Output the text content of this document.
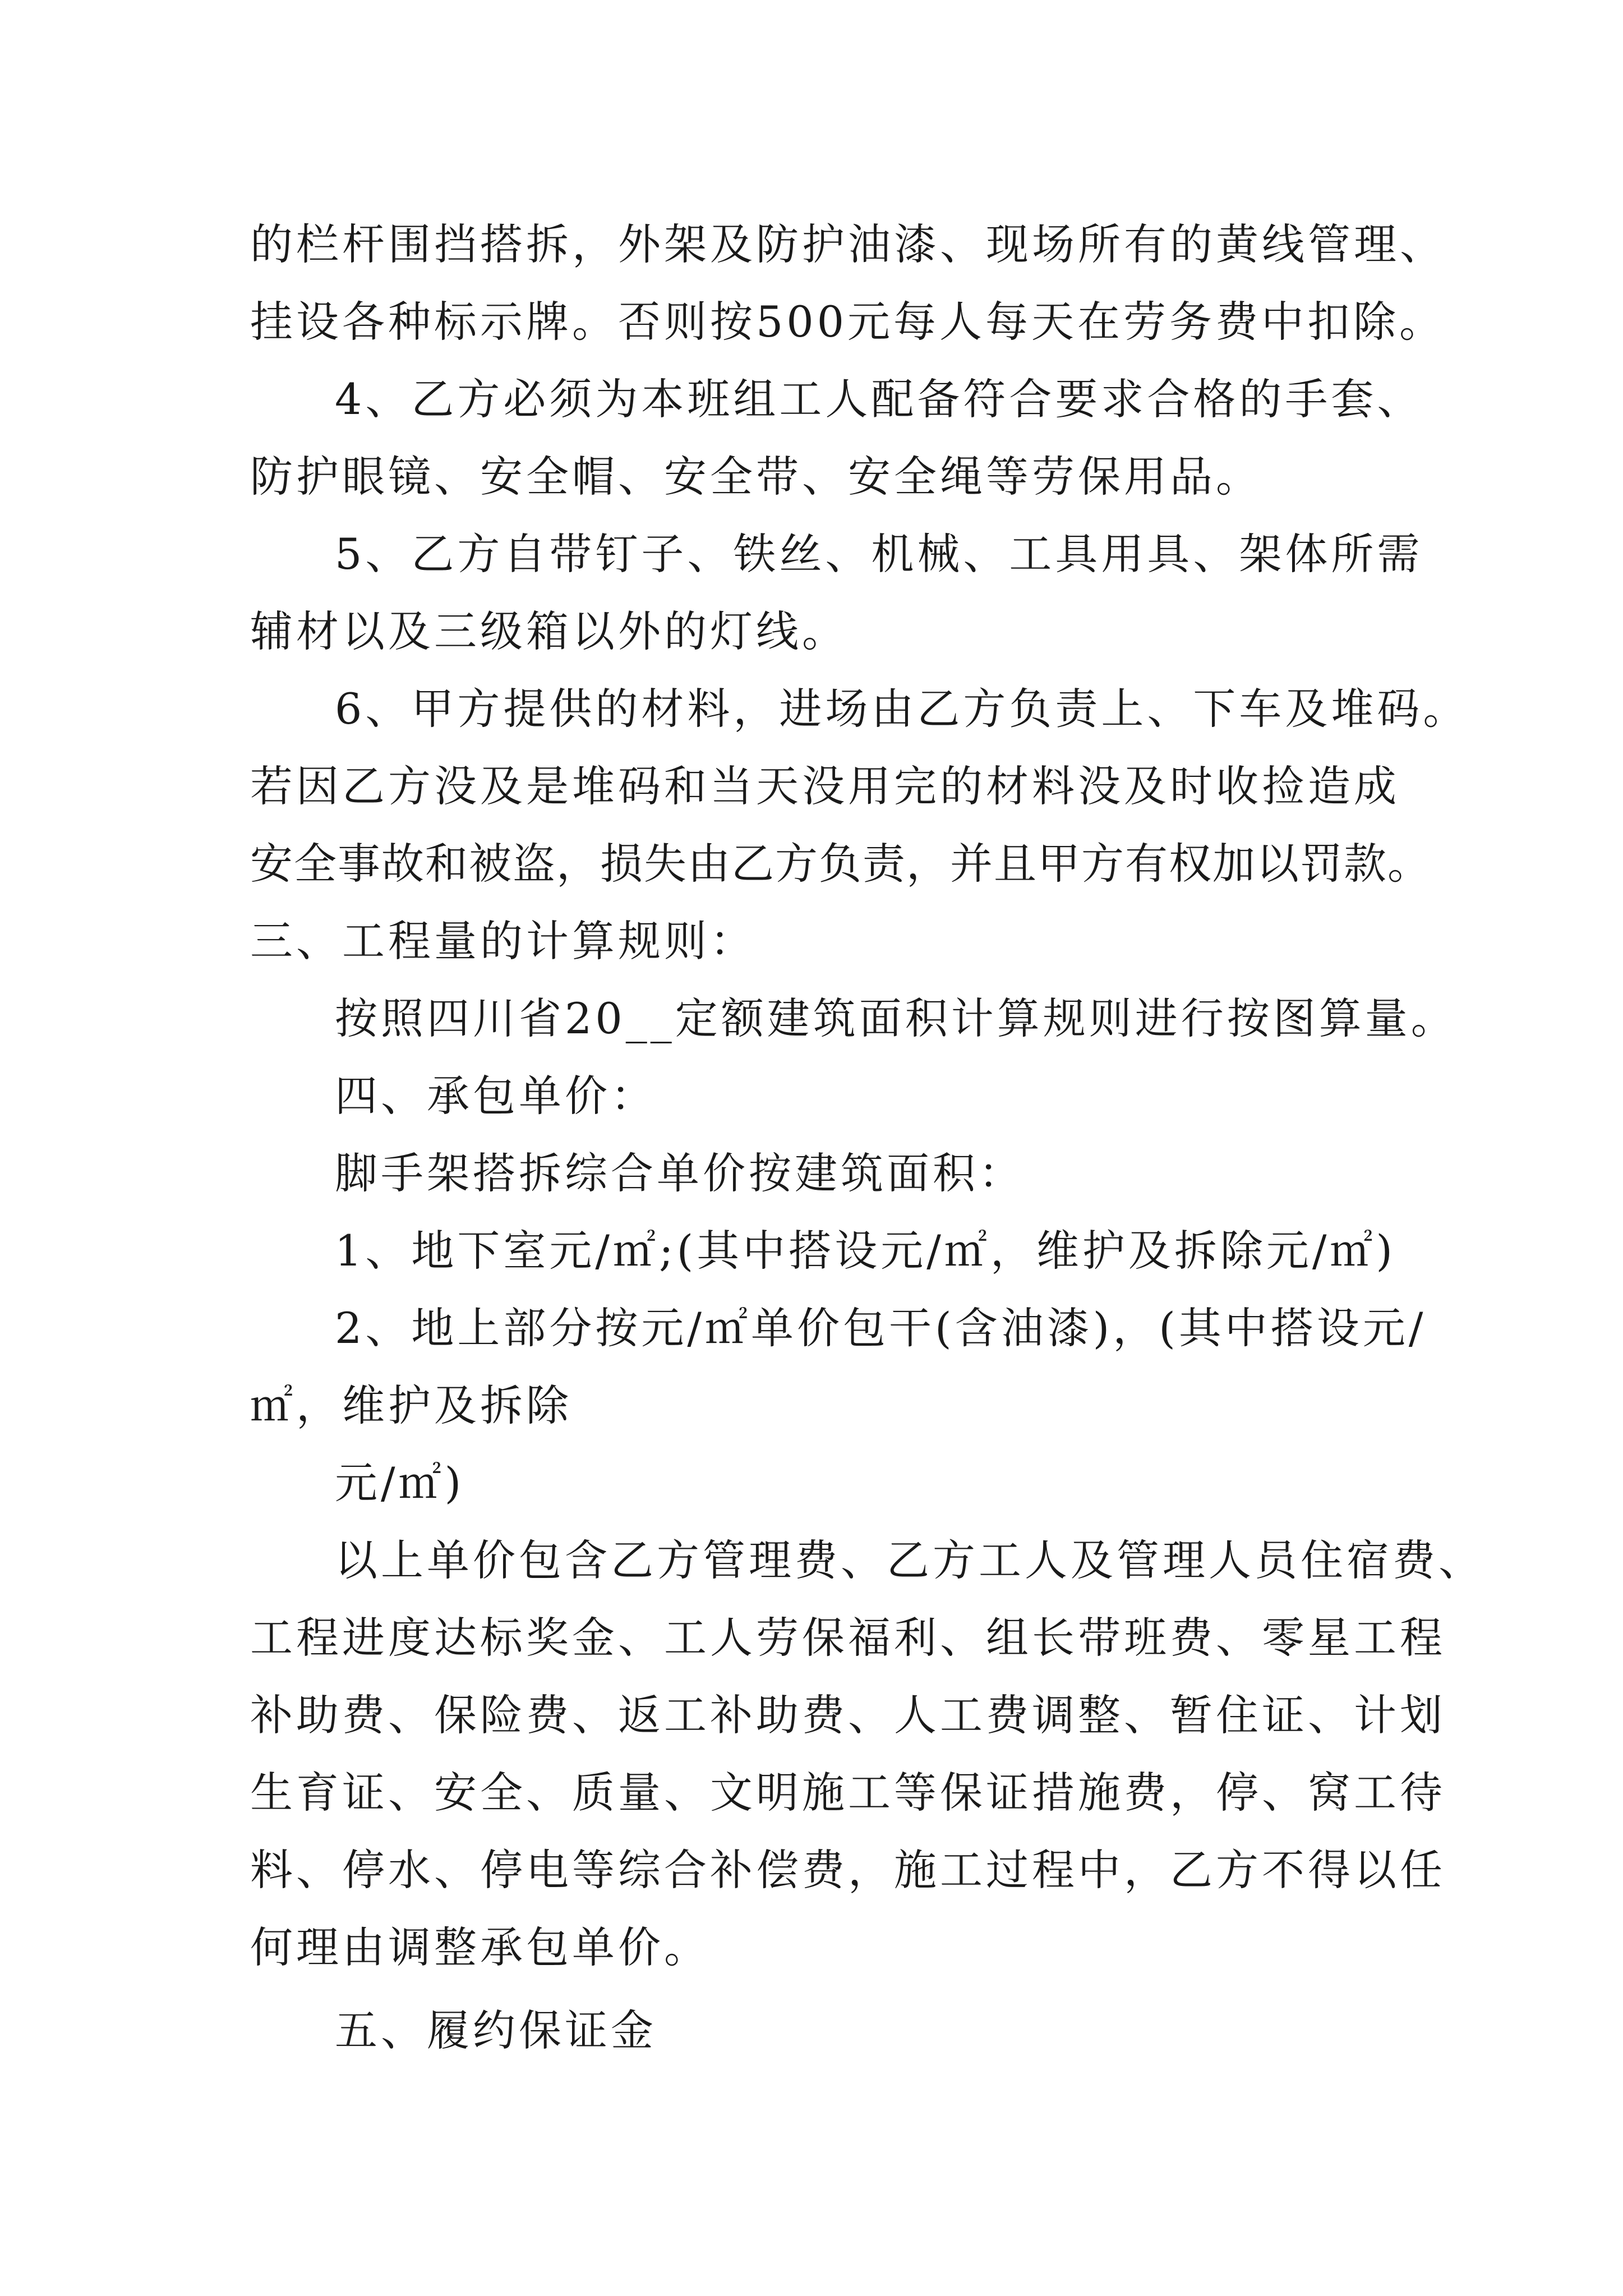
的栏杆围挡搭拆，外架及防护油漆、现场所有的黄线管理、
挂设各种标示牌。否则按500元每人每天在劳务费中扣除。
4、乙方必须为本班组工人配备符合要求合格的手套、
防护眼镜、安全帽、安全带、安全绳等劳保用品。
5、乙方自带钉子、铁丝、机械、工具用具、架体所需
辅材以及三级箱以外的灯线。
6、甲方提供的材料，进场由乙方负责上、下车及堆码。
若因乙方没及是堆码和当天没用完的材料没及时收捡造成
安全事故和被盗，损失由乙方负责，并且甲方有权加以罚款。
三、工程量的计算规则：
按照四川省20__定额建筑面积计算规则进行按图算量。
四、承包单价：
脚手架搭拆综合单价按建筑面积：
1、地下室元/㎡;(其中搭设元/㎡，维护及拆除元/㎡)
2、地上部分按元/㎡单价包干(含油漆)，(其中搭设元/
㎡，维护及拆除
元/㎡)
以上单价包含乙方管理费、乙方工人及管理人员住宿费、
工程进度达标奖金、工人劳保福利、组长带班费、零星工程
补助费、保险费、返工补助费、人工费调整、暂住证、计划
生育证、安全、质量、文明施工等保证措施费，停、窝工待
料、停水、停电等综合补偿费，施工过程中，乙方不得以任
何理由调整承包单价。
五、履约保证金
